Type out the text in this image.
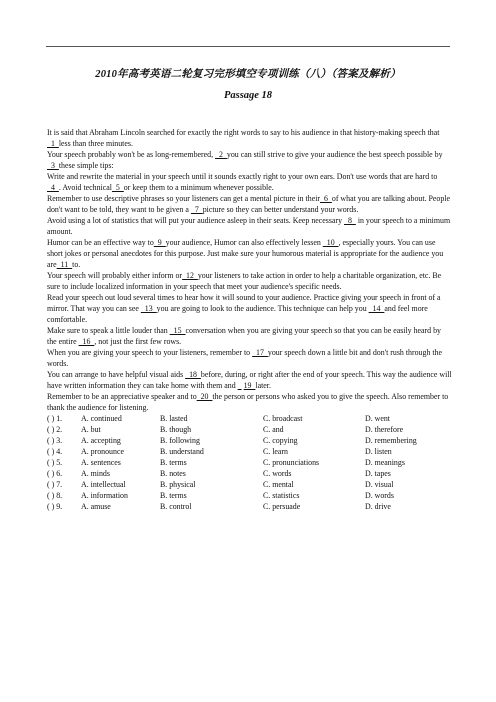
2010年高考英语二轮复习完形填空专项训练（八）（答案及解析）
Passage 18

It is said that Abraham Lincoln searched for exactly the right words to say to his audience in that history-making speech that   1  less than three minutes.

Your speech probably won't be as long-remembered,   2  you can still strive to give your audience the best speech possible by   3  these simple tips:

Write and rewrite the material in your speech until it sounds exactly right to your own ears. Don't use words that are hard to   4  . Avoid technical  5  or keep them to a minimum whenever possible.

Remember to use descriptive phrases so your listeners can get a mental picture in their  6  of what you are talking about. People don't want to be told, they want to be given a   7  picture so they can better understand your words.

Avoid using a lot of statistics that will put your audience asleep in their seats. Keep necessary   8   in your speech to a minimum amount.

Humor can be an effective way to  9  your audience, Humor can also effectively lessen   10  , especially yours. You can use short jokes or personal anecdotes for this purpose. Just make sure your humorous material is appropriate for the audience you are  11  to.

Your speech will probably either inform or  12  your listeners to take action in order to help a charitable organization, etc. Be sure to include localized information in your speech that meet your audience's specific needs.

Read your speech out loud several times to hear how it will sound to your audience. Practice giving your speech in front of a mirror. That way you can see   13  you are going to look to the audience. This technique can help you   14  and feel more comfortable.

Make sure to speak a little louder than   15  conversation when you are giving your speech so that you can be easily heard by the entire   16  , not just the first few rows.

When you are giving your speech to your listeners, remember to   17  your speech down a little bit and don't rush through the words.

You can arrange to have helpful visual aids   18  before, during, or right after the end of your speech. This way the audience will have written information they can take home with them and    19  later.

Remember to be an appreciative speaker and to  20  the person or persons who asked you to give the speech. Also remember to thank the audience for listening.

( ) 1.	A. continued	B. lasted	C. broadcast	D. went
( ) 2.	A. but	B. though	C. and	D. therefore
( ) 3.	A. accepting	B. following	C. copying	D. remembering
( ) 4.	A. pronounce	B. understand	C. learn	D. listen
( ) 5.	A. sentences	B. terms	C. pronunciations	D. meanings
( ) 6.	A. minds	B. notes	C. words	D. tapes
( ) 7.	A. intellectual	B. physical	C. mental	D. visual
( ) 8.	A. information	B. terms	C. statistics	D. words
( ) 9.	A. amuse	B. control	C. persuade	D. drive
